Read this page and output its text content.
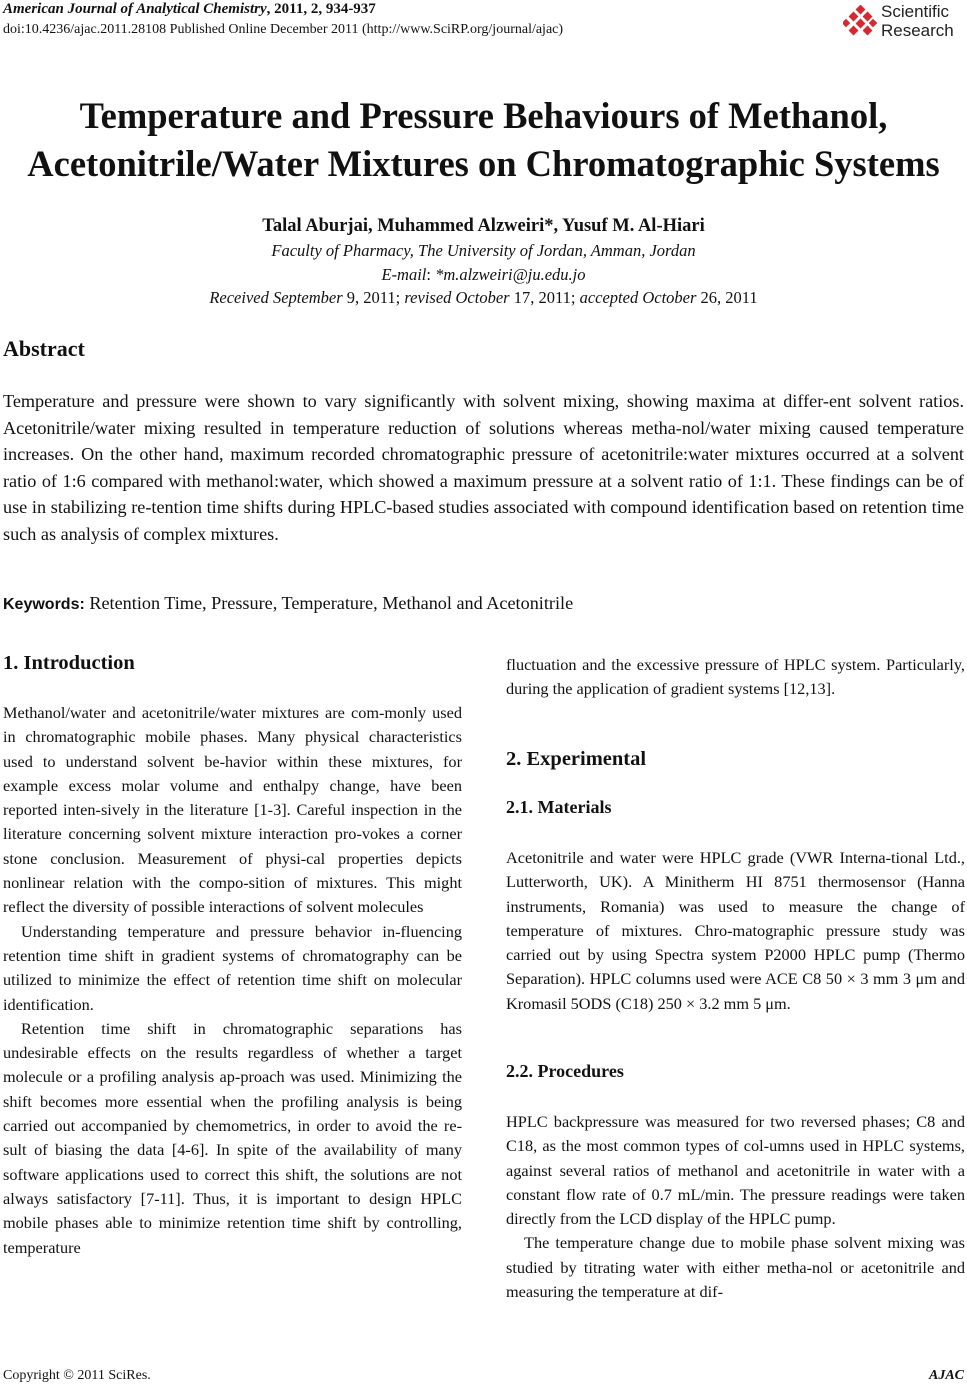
American Journal of Analytical Chemistry, 2011, 2, 934-937
doi:10.4236/ajac.2011.28108 Published Online December 2011 (http://www.SciRP.org/journal/ajac)
Scientific
Research
Temperature and Pressure Behaviours of Methanol,
Acetonitrile/Water Mixtures on Chromatographic Systems
Talal Aburjai, Muhammed Alzweiri*, Yusuf M. Al-Hiari
Faculty of Pharmacy, The University of Jordan, Amman, Jordan
E-mail: *m.alzweiri@ju.edu.jo
Received September 9, 2011; revised October 17, 2011; accepted October 26, 2011
Abstract
Temperature and pressure were shown to vary significantly with solvent mixing, showing maxima at differ-ent solvent ratios. Acetonitrile/water mixing resulted in temperature reduction of solutions whereas metha-nol/water mixing caused temperature increases. On the other hand, maximum recorded chromatographic pressure of acetonitrile:water mixtures occurred at a solvent ratio of 1:6 compared with methanol:water, which showed a maximum pressure at a solvent ratio of 1:1. These findings can be of use in stabilizing re-tention time shifts during HPLC-based studies associated with compound identification based on retention time such as analysis of complex mixtures.
Keywords: Retention Time, Pressure, Temperature, Methanol and Acetonitrile
1. Introduction

Methanol/water and acetonitrile/water mixtures are com-monly used in chromatographic mobile phases. Many physical characteristics used to understand solvent be-havior within these mixtures, for example excess molar volume and enthalpy change, have been reported inten-sively in the literature [1-3]. Careful inspection in the literature concerning solvent mixture interaction pro-vokes a corner stone conclusion. Measurement of physi-cal properties depicts nonlinear relation with the compo-sition of mixtures. This might reflect the diversity of possible interactions of solvent molecules

Understanding temperature and pressure behavior in-fluencing retention time shift in gradient systems of chromatography can be utilized to minimize the effect of retention time shift on molecular identification.

Retention time shift in chromatographic separations has undesirable effects on the results regardless of whether a target molecule or a profiling analysis ap-proach was used. Minimizing the shift becomes more essential when the profiling analysis is being carried out accompanied by chemometrics, in order to avoid the re-sult of biasing the data [4-6]. In spite of the availability of many software applications used to correct this shift, the solutions are not always satisfactory [7-11]. Thus, it is important to design HPLC mobile phases able to minimize retention time shift by controlling, temperature

fluctuation and the excessive pressure of HPLC system. Particularly, during the application of gradient systems [12,13].
2. Experimental
2.1. Materials
Acetonitrile and water were HPLC grade (VWR Interna-tional Ltd., Lutterworth, UK). A Minitherm HI 8751 thermosensor (Hanna instruments, Romania) was used to measure the change of temperature of mixtures. Chro-matographic pressure study was carried out by using Spectra system P2000 HPLC pump (Thermo Separation). HPLC columns used were ACE C8 50 × 3 mm 3 μm and Kromasil 5ODS (C18) 250 × 3.2 mm 5 μm.
2.2. Procedures

HPLC backpressure was measured for two reversed phases; C8 and C18, as the most common types of col-umns used in HPLC systems, against several ratios of methanol and acetonitrile in water with a constant flow rate of 0.7 mL/min. The pressure readings were taken directly from the LCD display of the HPLC pump.

The temperature change due to mobile phase solvent mixing was studied by titrating water with either metha-nol or acetonitrile and measuring the temperature at dif-

Copyright © 2011 SciRes.	AJAC
